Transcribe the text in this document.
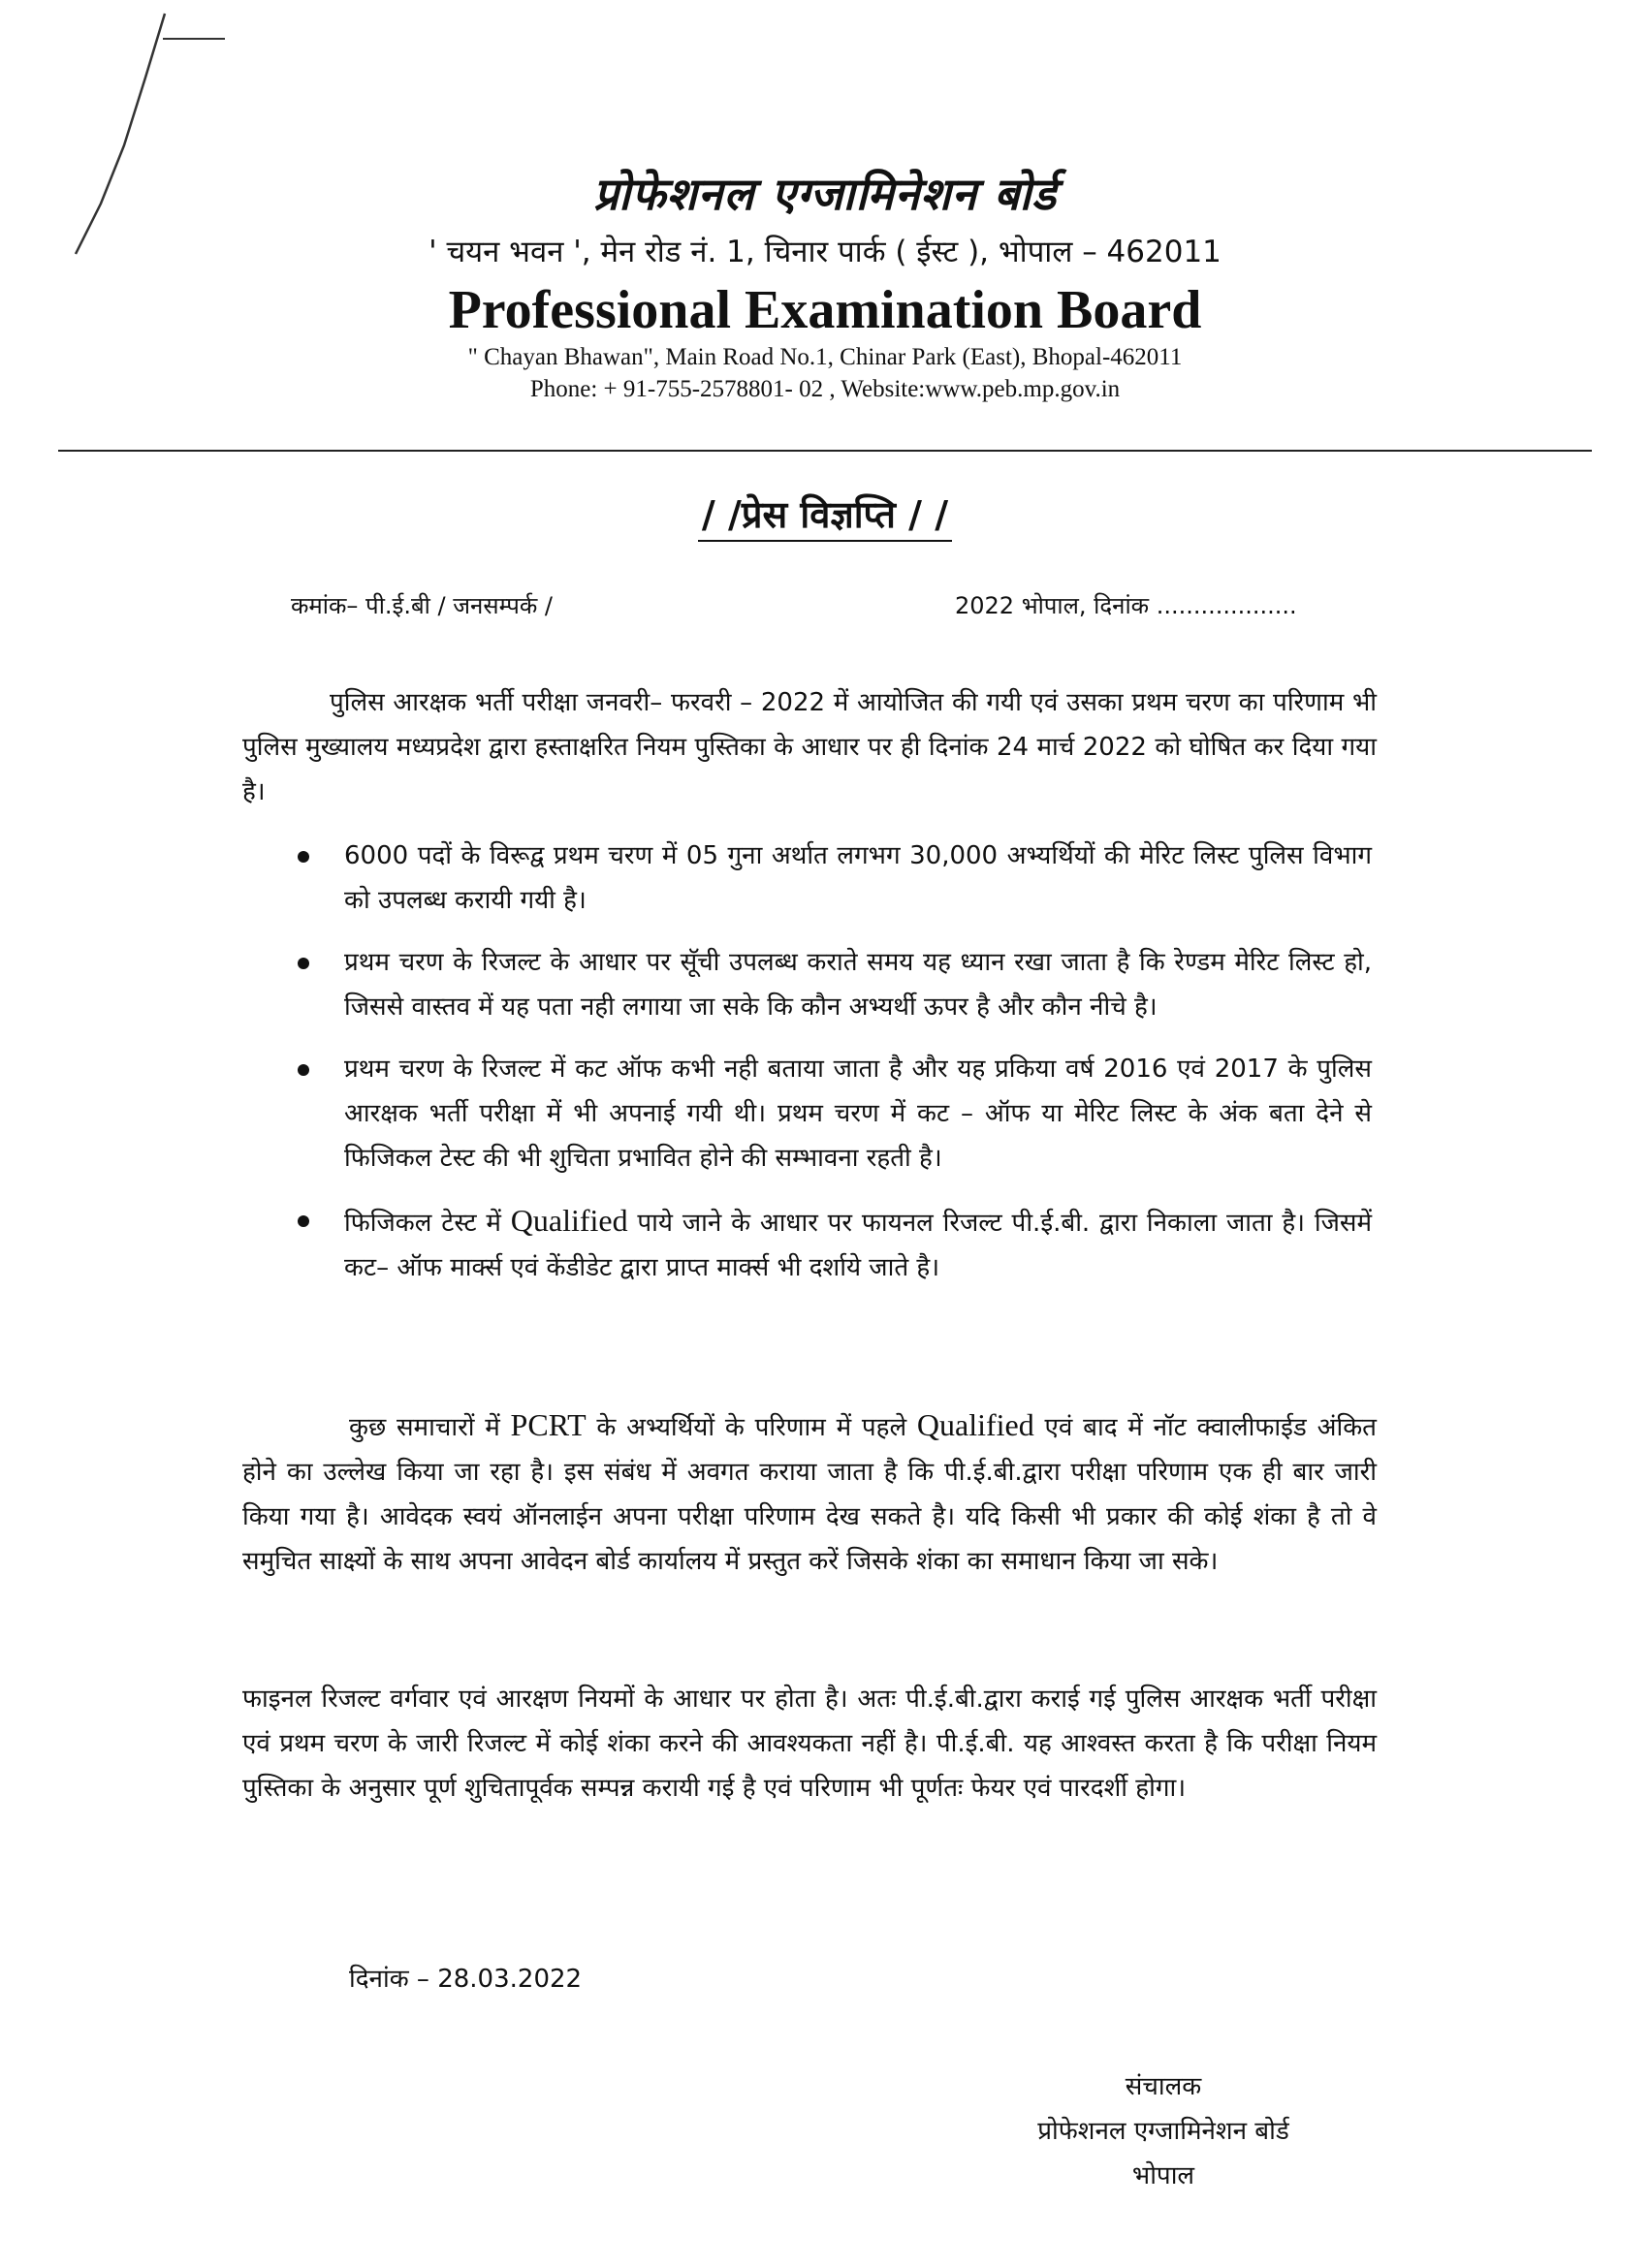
प्रोफेशनल एग्जामिनेशन बोर्ड
' चयन भवन ', मेन रोड नं. 1, चिनार पार्क ( ईस्ट ), भोपाल – 462011
Professional Examination Board
" Chayan Bhawan", Main Road No.1, Chinar Park (East), Bhopal-462011
Phone: + 91-755-2578801- 02 , Website:www.peb.mp.gov.in
/ /प्रेस विज्ञप्ति / /
कमांक– पी.ई.बी / जनसम्पर्क /	2022 भोपाल, दिनांक ...................
पुलिस आरक्षक भर्ती परीक्षा जनवरी– फरवरी – 2022 में आयोजित की गयी एवं उसका प्रथम चरण का परिणाम भी पुलिस मुख्यालय मध्यप्रदेश द्वारा हस्ताक्षरित नियम पुस्तिका के आधार पर ही दिनांक 24 मार्च 2022 को घोषित कर दिया गया है।
6000 पदों के विरूद्व प्रथम चरण में 05 गुना अर्थात लगभग 30,000 अभ्यर्थियों की मेरिट लिस्ट पुलिस विभाग को उपलब्ध करायी गयी है।
प्रथम चरण के रिजल्ट के आधार पर सूॅची उपलब्ध कराते समय यह ध्यान रखा जाता है कि रेण्डम मेरिट लिस्ट हो, जिससे वास्तव में यह पता नही लगाया जा सके कि कौन अभ्यर्थी ऊपर है और कौन नीचे है।
प्रथम चरण के रिजल्ट में कट ऑफ कभी नही बताया जाता है और यह प्रकिया वर्ष 2016 एवं 2017 के पुलिस आरक्षक भर्ती परीक्षा में भी अपनाई गयी थी। प्रथम चरण में कट – ऑफ या मेरिट लिस्ट के अंक बता देने से फिजिकल टेस्ट की भी शुचिता प्रभावित होने की सम्भावना रहती है।
फिजिकल टेस्ट में Qualified पाये जाने के आधार पर फायनल रिजल्ट पी.ई.बी. द्वारा निकाला जाता है। जिसमें कट– ऑफ मार्क्स एवं केंडीडेट द्वारा प्राप्त मार्क्स भी दर्शाये जाते है।
कुछ समाचारों में PCRT के अभ्यर्थियों के परिणाम में पहले Qualified एवं बाद में नॉट क्वालीफाईड अंकित होने का उल्लेख किया जा रहा है। इस संबंध में अवगत कराया जाता है कि पी.ई.बी.द्वारा परीक्षा परिणाम एक ही बार जारी किया गया है। आवेदक स्वयं ऑनलाईन अपना परीक्षा परिणाम देख सकते है। यदि किसी भी प्रकार की कोई शंका है तो वे समुचित साक्ष्यों के साथ अपना आवेदन बोर्ड कार्यालय में प्रस्तुत करें जिसके शंका का समाधान किया जा सके।
फाइनल रिजल्ट वर्गवार एवं आरक्षण नियमों के आधार पर होता है। अतः पी.ई.बी.द्वारा कराई गई पुलिस आरक्षक भर्ती परीक्षा एवं प्रथम चरण के जारी रिजल्ट में कोई शंका करने की आवश्यकता नहीं है। पी.ई.बी. यह आश्वस्त करता है कि परीक्षा नियम पुस्तिका के अनुसार पूर्ण शुचितापूर्वक सम्पन्न करायी गई है एवं परिणाम भी पूर्णतः फेयर एवं पारदर्शी होगा।
दिनांक – 28.03.2022
संचालक
प्रोफेशनल एग्जामिनेशन बोर्ड
भोपाल
